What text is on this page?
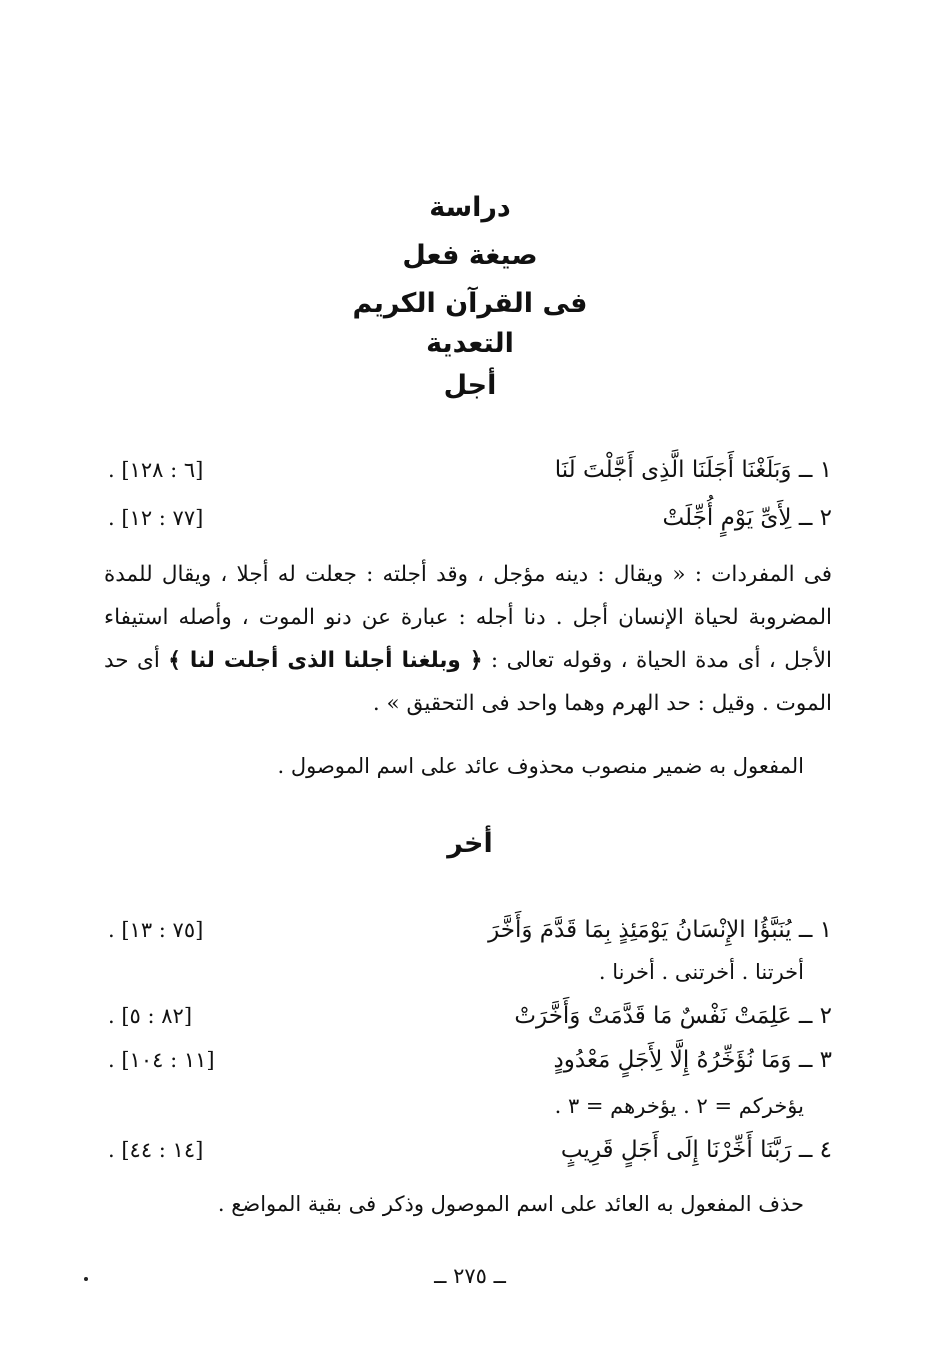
دراسة
صيغة فعل
فى القرآن الكريم
التعدية
أجل
١ ــ وَبَلَغْنَا أَجَلَنَا الَّذِى أَجَّلْتَ لَنَا
[٦ : ١٢٨] .
٢ ــ لِأَىِّ يَوْمٍ أُجِّلَتْ
[٧٧ : ١٢] .
فى المفردات : « ويقال : دينه مؤجل ، وقد أجلته : جعلت له أجلا ، ويقال للمدة المضروبة لحياة الإنسان أجل . دنا أجله : عبارة عن دنو الموت ، وأصله استيفاء الأجل ، أى مدة الحياة ، وقوله تعالى : ﴿ وبلغنا أجلنا الذى أجلت لنا ﴾ أى حد الموت . وقيل : حد الهرم وهما واحد فى التحقيق » .
المفعول به ضمير منصوب محذوف عائد على اسم الموصول .
أخر
١ ــ يُنَبَّؤُا الإِنْسَانُ يَوْمَئِذٍ بِمَا قَدَّمَ وَأَخَّرَ
[٧٥ : ١٣] .
أخرتنا . أخرتنى . أخرنا .
٢ ــ عَلِمَتْ نَفْسٌ مَا قَدَّمَتْ وَأَخَّرَتْ
[٨٢ : ٥] .
٣ ــ وَمَا نُؤَخِّرُهُ إِلَّا لِأَجَلٍ مَعْدُودٍ
[١١ : ١٠٤] .
يؤخركم = ٢ . يؤخرهم = ٣ .
٤ ــ رَبَّنَا أَخِّرْنَا إِلَى أَجَلٍ قَرِيبٍ
[١٤ : ٤٤] .
حذف المفعول به العائد على اسم الموصول وذكر فى بقية المواضع .
ــ ٢٧٥ ــ
